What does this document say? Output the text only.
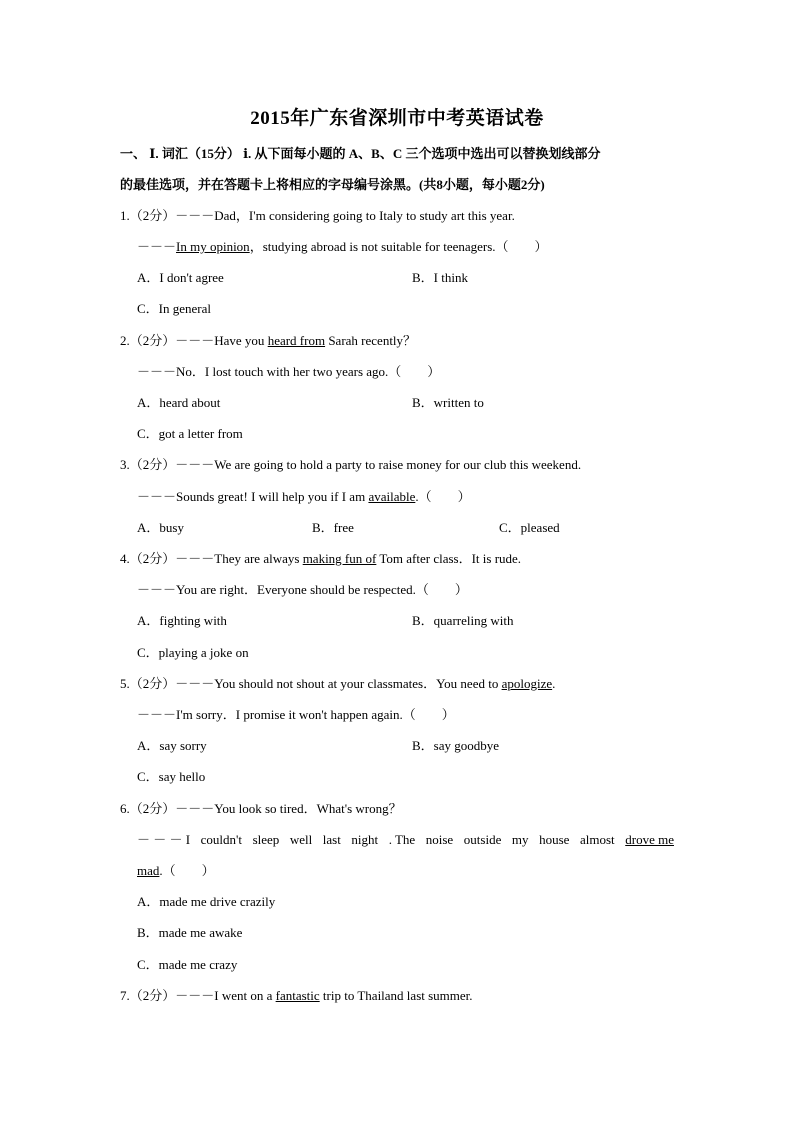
2015年广东省深圳市中考英语试卷
一、 Ⅰ. 词汇（15分） ⅰ. 从下面每小题的 A、B、C 三个选项中选出可以替换划线部分
的最佳选项，并在答题卡上将相应的字母编号涂黑。(共8小题，每小题2分)
1.（2分）－－－Dad，I'm considering going to Italy to study art this year.
－－－In my opinion，studying abroad is not suitable for teenagers.（　　）
A．I don't agree	B．I think
C．In general
2.（2分）－－－Have you heard from Sarah recently？
－－－No．I lost touch with her two years ago.（　　）
A．heard about	B．written to
C．got a letter from
3.（2分）－－－We are going to hold a party to raise money for our club this weekend.
－－－Sounds great! I will help you if I am available.（　　）
A．busy	B．free	C．pleased
4.（2分）－－－They are always making fun of Tom after class．It is rude.
－－－You are right．Everyone should be respected.（　　）
A．fighting with	B．quarreling with
C．playing a joke on
5.（2分）－－－You should not shout at your classmates．You need to apologize.
－－－I'm sorry．I promise it won't happen again.（　　）
A．say sorry	B．say goodbye
C．say hello
6.（2分）－－－You look so tired．What's wrong？
－ － － I couldn't sleep well last night . The noise outside my house almost drove me
mad.（　　）
A．made me drive crazily
B．made me awake
C．made me crazy
7.（2分）－－－I went on a fantastic trip to Thailand last summer.
